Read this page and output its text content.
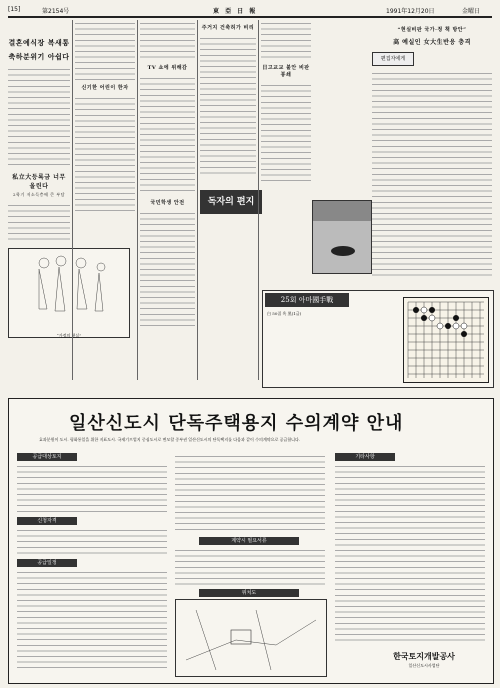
[15]	第2154号	東 亞 日 報	1991年12月20日	金曜日
결혼예식장 복새통
축하분위기 아쉽다
私立大등록금 너무 올린다
2학기 저소득층에 큰 부담
“가정의 현실”
신기한 어린이 한자
TV 쇼에 위해감
국민학생 안전	독자의 편지
주거지 건축허가 비리
日고교교 불안 비판 봉쇄
“현실비판 국가·정 책 방안”
高 예실인 女大生반응 충격
편집자에게
25회 아마國手戰
白 50집 흑 黑(1급)
일산신도시 단독주택용지 수의계약 안내
효과분원이 도시. 평화통일을 위한 지표도시. 국제기프업지 중심도시로 변모할 중부권 일산신도시의 단독택지를 다음과 같이 수의계약으로 공급합니다.
공급대상토지
신청자격
공급일정
계약시 필요서류
위치도
기타사항
한국토지개발공사
일산신도시사업단
